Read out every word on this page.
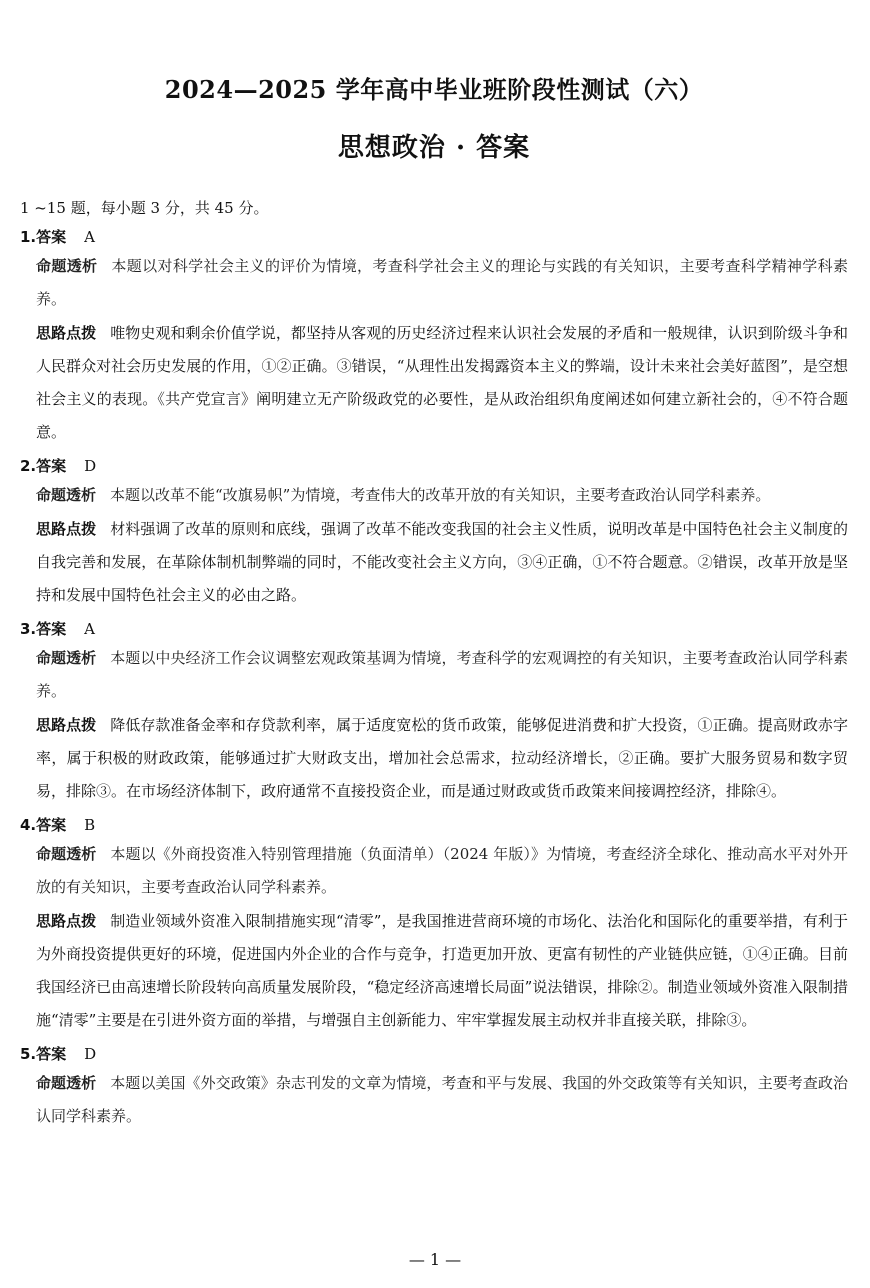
2024—2025 学年高中毕业班阶段性测试（六）
思想政治 · 答案
1 ~15 题，每小题 3 分，共 45 分。
1.答案 A
命题透析 本题以对科学社会主义的评价为情境，考查科学社会主义的理论与实践的有关知识，主要考查科学精神学科素养。
思路点拨 唯物史观和剩余价值学说，都坚持从客观的历史经济过程来认识社会发展的矛盾和一般规律，认识到阶级斗争和人民群众对社会历史发展的作用，①②正确。③错误，“从理性出发揭露资本主义的弊端，设计未来社会美好蓝图”，是空想社会主义的表现。《共产党宣言》阐明建立无产阶级政党的必要性，是从政治组织角度阐述如何建立新社会的，④不符合题意。
2.答案 D
命题透析 本题以改革不能“改旗易帜”为情境，考查伟大的改革开放的有关知识，主要考查政治认同学科素养。
思路点拨 材料强调了改革的原则和底线，强调了改革不能改变我国的社会主义性质，说明改革是中国特色社会主义制度的自我完善和发展，在革除体制机制弊端的同时，不能改变社会主义方向，③④正确，①不符合题意。②错误，改革开放是坚持和发展中国特色社会主义的必由之路。
3.答案 A
命题透析 本题以中央经济工作会议调整宏观政策基调为情境，考查科学的宏观调控的有关知识，主要考查政治认同学科素养。
思路点拨 降低存款准备金率和存贷款利率，属于适度宽松的货币政策，能够促进消费和扩大投资，①正确。提高财政赤字率，属于积极的财政政策，能够通过扩大财政支出，增加社会总需求，拉动经济增长，②正确。要扩大服务贸易和数字贸易，排除③。在市场经济体制下，政府通常不直接投资企业，而是通过财政或货币政策来间接调控经济，排除④。
4.答案 B
命题透析 本题以《外商投资准入特别管理措施（负面清单）（2024 年版）》为情境，考查经济全球化、推动高水平对外开放的有关知识，主要考查政治认同学科素养。
思路点拨 制造业领域外资准入限制措施实现“清零”，是我国推进营商环境的市场化、法治化和国际化的重要举措，有利于为外商投资提供更好的环境，促进国内外企业的合作与竞争，打造更加开放、更富有韧性的产业链供应链，①④正确。目前我国经济已由高速增长阶段转向高质量发展阶段，“稳定经济高速增长局面”说法错误，排除②。制造业领域外资准入限制措施“清零”主要是在引进外资方面的举措，与增强自主创新能力、牢牢掌握发展主动权并非直接关联，排除③。
5.答案 D
命题透析 本题以美国《外交政策》杂志刊发的文章为情境，考查和平与发展、我国的外交政策等有关知识，主要考查政治认同学科素养。
— 1 —
